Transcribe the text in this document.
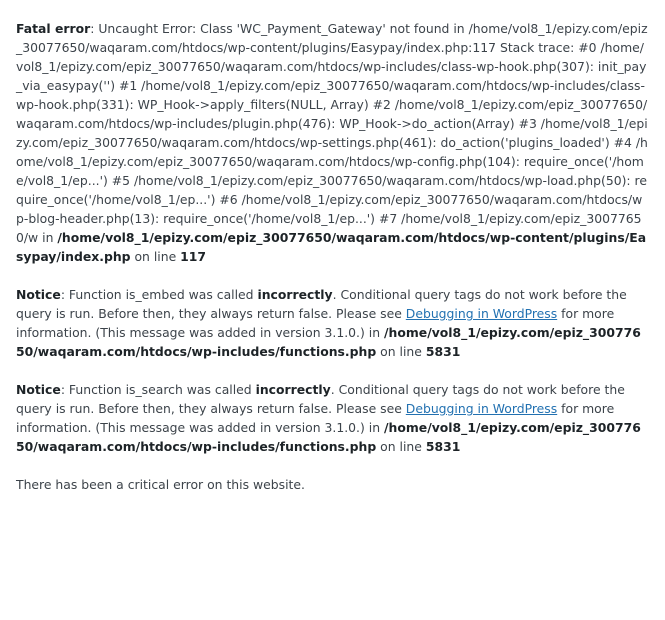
Fatal error: Uncaught Error: Class 'WC_Payment_Gateway' not found in /home/vol8_1/epizy.com/epiz_30077650/waqaram.com/htdocs/wp-content/plugins/Easypay/index.php:117 Stack trace: #0 /home/vol8_1/epizy.com/epiz_30077650/waqaram.com/htdocs/wp-includes/class-wp-hook.php(307): init_pay_via_easypay('') #1 /home/vol8_1/epizy.com/epiz_30077650/waqaram.com/htdocs/wp-includes/class-wp-hook.php(331): WP_Hook->apply_filters(NULL, Array) #2 /home/vol8_1/epizy.com/epiz_30077650/waqaram.com/htdocs/wp-includes/plugin.php(476): WP_Hook->do_action(Array) #3 /home/vol8_1/epizy.com/epiz_30077650/waqaram.com/htdocs/wp-settings.php(461): do_action('plugins_loaded') #4 /home/vol8_1/epizy.com/epiz_30077650/waqaram.com/htdocs/wp-config.php(104): require_once('/home/vol8_1/ep...') #5 /home/vol8_1/epizy.com/epiz_30077650/waqaram.com/htdocs/wp-load.php(50): require_once('/home/vol8_1/ep...') #6 /home/vol8_1/epizy.com/epiz_30077650/waqaram.com/htdocs/wp-blog-header.php(13): require_once('/home/vol8_1/ep...') #7 /home/vol8_1/epizy.com/epiz_30077650/w in /home/vol8_1/epizy.com/epiz_30077650/waqaram.com/htdocs/wp-content/plugins/Easypay/index.php on line 117

Notice: Function is_embed was called incorrectly. Conditional query tags do not work before the query is run. Before then, they always return false. Please see Debugging in WordPress for more information. (This message was added in version 3.1.0.) in /home/vol8_1/epizy.com/epiz_30077650/waqaram.com/htdocs/wp-includes/functions.php on line 5831

Notice: Function is_search was called incorrectly. Conditional query tags do not work before the query is run. Before then, they always return false. Please see Debugging in WordPress for more information. (This message was added in version 3.1.0.) in /home/vol8_1/epizy.com/epiz_30077650/waqaram.com/htdocs/wp-includes/functions.php on line 5831

There has been a critical error on this website.
